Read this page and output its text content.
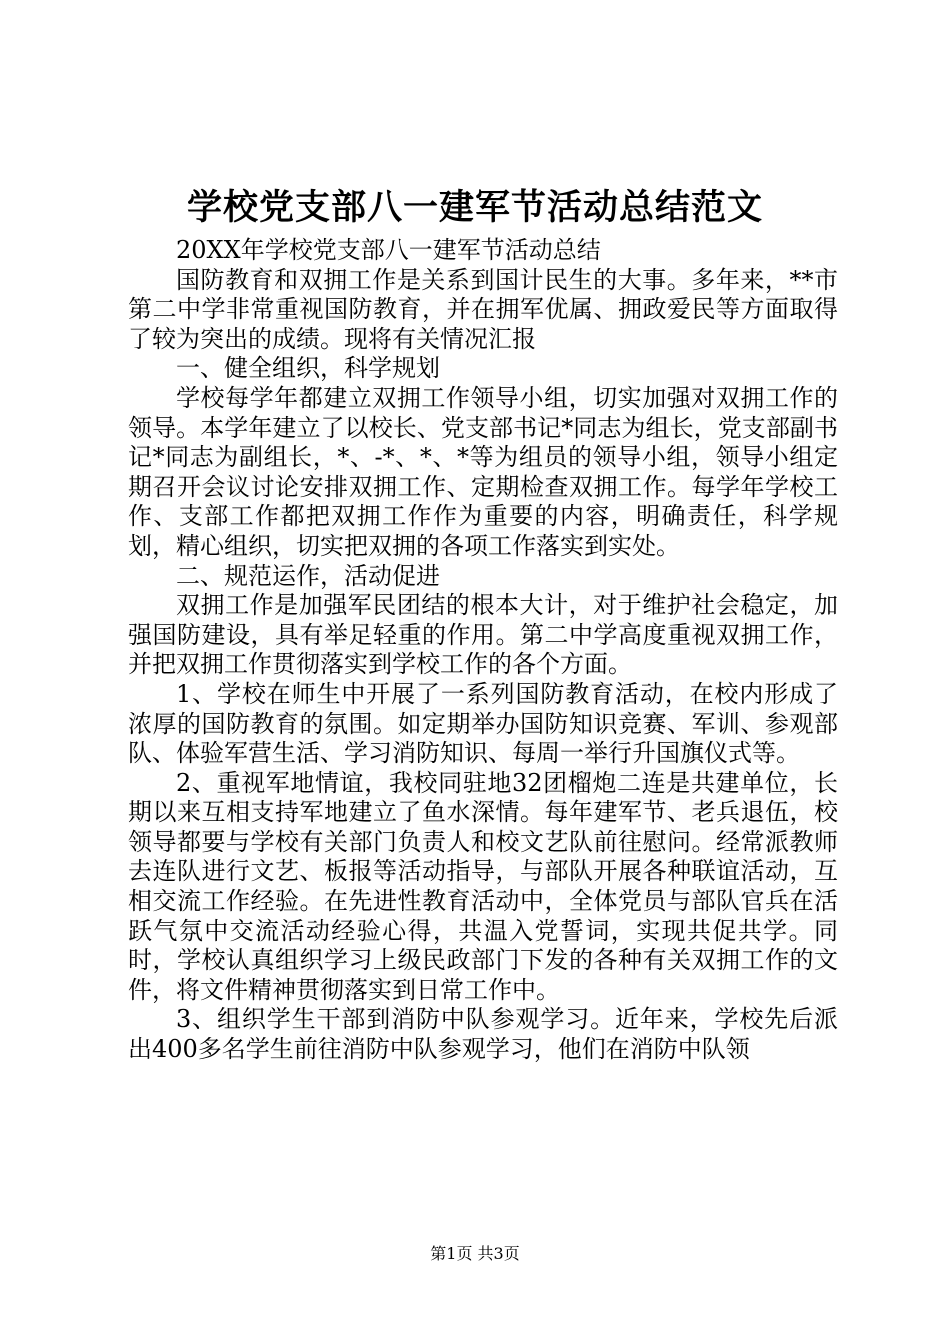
学校党支部八一建军节活动总结范文

20XX年学校党支部八一建军节活动总结

国防教育和双拥工作是关系到国计民生的大事。多年来，**市第二中学非常重视国防教育，并在拥军优属、拥政爱民等方面取得了较为突出的成绩。现将有关情况汇报

一、健全组织，科学规划

学校每学年都建立双拥工作领导小组，切实加强对双拥工作的领导。本学年建立了以校长、党支部书记*同志为组长，党支部副书记*同志为副组长，*、-*、*、*等为组员的领导小组，领导小组定期召开会议讨论安排双拥工作、定期检查双拥工作。每学年学校工作、支部工作都把双拥工作作为重要的内容，明确责任，科学规划，精心组织，切实把双拥的各项工作落实到实处。

二、规范运作，活动促进

双拥工作是加强军民团结的根本大计，对于维护社会稳定，加强国防建设，具有举足轻重的作用。第二中学高度重视双拥工作，并把双拥工作贯彻落实到学校工作的各个方面。

1、学校在师生中开展了一系列国防教育活动，在校内形成了浓厚的国防教育的氛围。如定期举办国防知识竞赛、军训、参观部队、体验军营生活、学习消防知识、每周一举行升国旗仪式等。

2、重视军地情谊，我校同驻地32团榴炮二连是共建单位，长期以来互相支持军地建立了鱼水深情。每年建军节、老兵退伍，校领导都要与学校有关部门负责人和校文艺队前往慰问。经常派教师去连队进行文艺、板报等活动指导，与部队开展各种联谊活动，互相交流工作经验。在先进性教育活动中，全体党员与部队官兵在活跃气氛中交流活动经验心得，共温入党誓词，实现共促共学。同时，学校认真组织学习上级民政部门下发的各种有关双拥工作的文件，将文件精神贯彻落实到日常工作中。

3、组织学生干部到消防中队参观学习。近年来，学校先后派出400多名学生前往消防中队参观学习，他们在消防中队领

第1页 共3页
